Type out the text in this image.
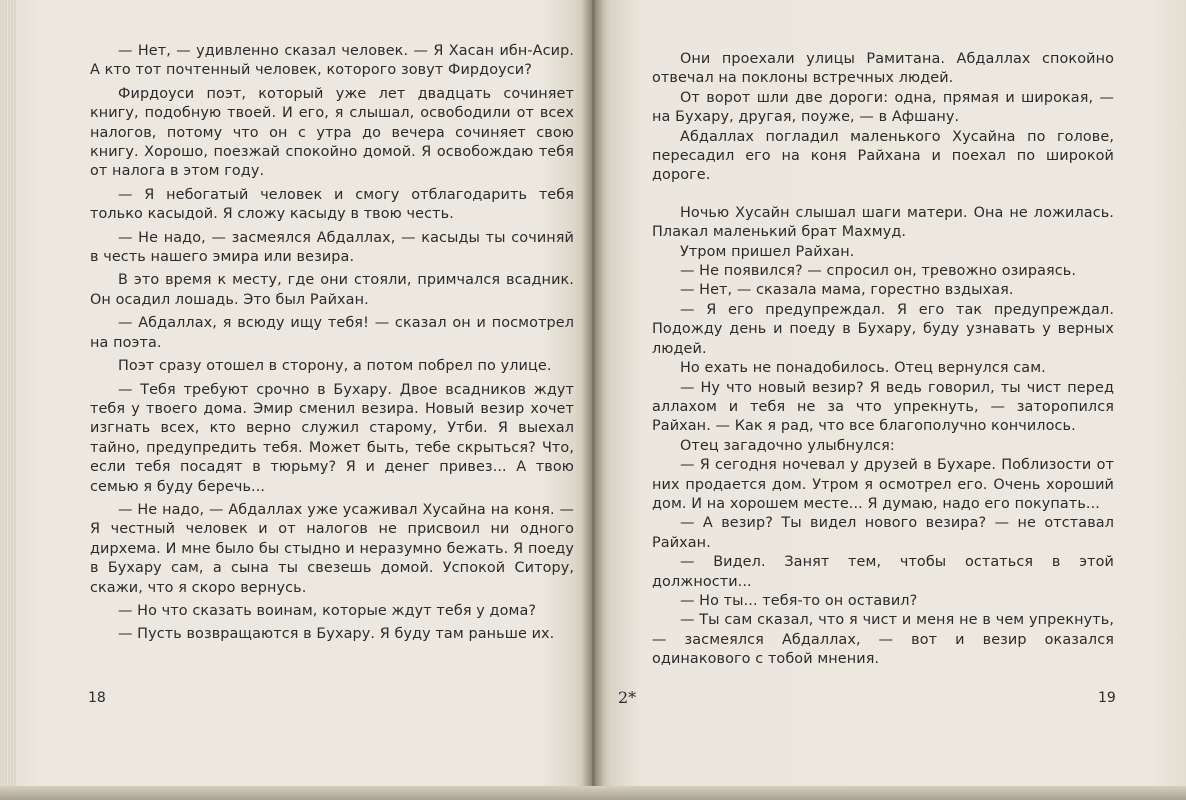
— Нет, — удивленно сказал человек. — Я Хасан ибн-Асир. А кто тот почтенный человек, которого зовут Фирдоуси?

Фирдоуси поэт, который уже лет двадцать сочиняет книгу, подобную твоей. И его, я слышал, освободили от всех налогов, потому что он с утра до вечера сочиняет свою книгу. Хорошо, поезжай спокойно домой. Я освобождаю тебя от налога в этом году.

— Я небогатый человек и смогу отблагодарить тебя только касыдой. Я сложу касыду в твою честь.

— Не надо, — засмеялся Абдаллах, — касыды ты сочиняй в честь нашего эмира или везира.

В это время к месту, где они стояли, примчался всадник. Он осадил лошадь. Это был Райхан.

— Абдаллах, я всюду ищу тебя! — сказал он и посмотрел на поэта.

Поэт сразу отошел в сторону, а потом побрел по улице.

— Тебя требуют срочно в Бухару. Двое всадников ждут тебя у твоего дома. Эмир сменил везира. Новый везир хочет изгнать всех, кто верно служил старому, Утби. Я выехал тайно, предупредить тебя. Может быть, тебе скрыться? Что, если тебя посадят в тюрьму? Я и денег привез... А твою семью я буду беречь...

— Не надо, — Абдаллах уже усаживал Хусайна на коня. — Я честный человек и от налогов не присвоил ни одного дирхема. И мне было бы стыдно и неразумно бежать. Я поеду в Бухару сам, а сына ты свезешь домой. Успокой Ситору, скажи, что я скоро вернусь.

— Но что сказать воинам, которые ждут тебя у дома?

— Пусть возвращаются в Бухару. Я буду там раньше их.

18

Они проехали улицы Рамитана. Абдаллах спокойно отвечал на поклоны встречных людей.

От ворот шли две дороги: одна, прямая и широкая, — на Бухару, другая, поуже, — в Афшану.

Абдаллах погладил маленького Хусайна по голове, пересадил его на коня Райхана и поехал по широкой дороге.

Ночью Хусайн слышал шаги матери. Она не ложилась. Плакал маленький брат Махмуд.

Утром пришел Райхан.

— Не появился? — спросил он, тревожно озираясь.

— Нет, — сказала мама, горестно вздыхая.

— Я его предупреждал. Я его так предупреждал. Подожду день и поеду в Бухару, буду узнавать у верных людей.

Но ехать не понадобилось. Отец вернулся сам.

— Ну что новый везир? Я ведь говорил, ты чист перед аллахом и тебя не за что упрекнуть, — заторопился Райхан. — Как я рад, что все благополучно кончилось.

Отец загадочно улыбнулся:

— Я сегодня ночевал у друзей в Бухаре. Поблизости от них продается дом. Утром я осмотрел его. Очень хороший дом. И на хорошем месте... Я думаю, надо его покупать...

— А везир? Ты видел нового везира? — не отставал Райхан.

— Видел. Занят тем, чтобы остаться в этой должности...

— Но ты... тебя-то он оставил?

— Ты сам сказал, что я чист и меня не в чем упрекнуть, — засмеялся Абдаллах, — вот и везир оказался одинакового с тобой мнения.

2*	19
